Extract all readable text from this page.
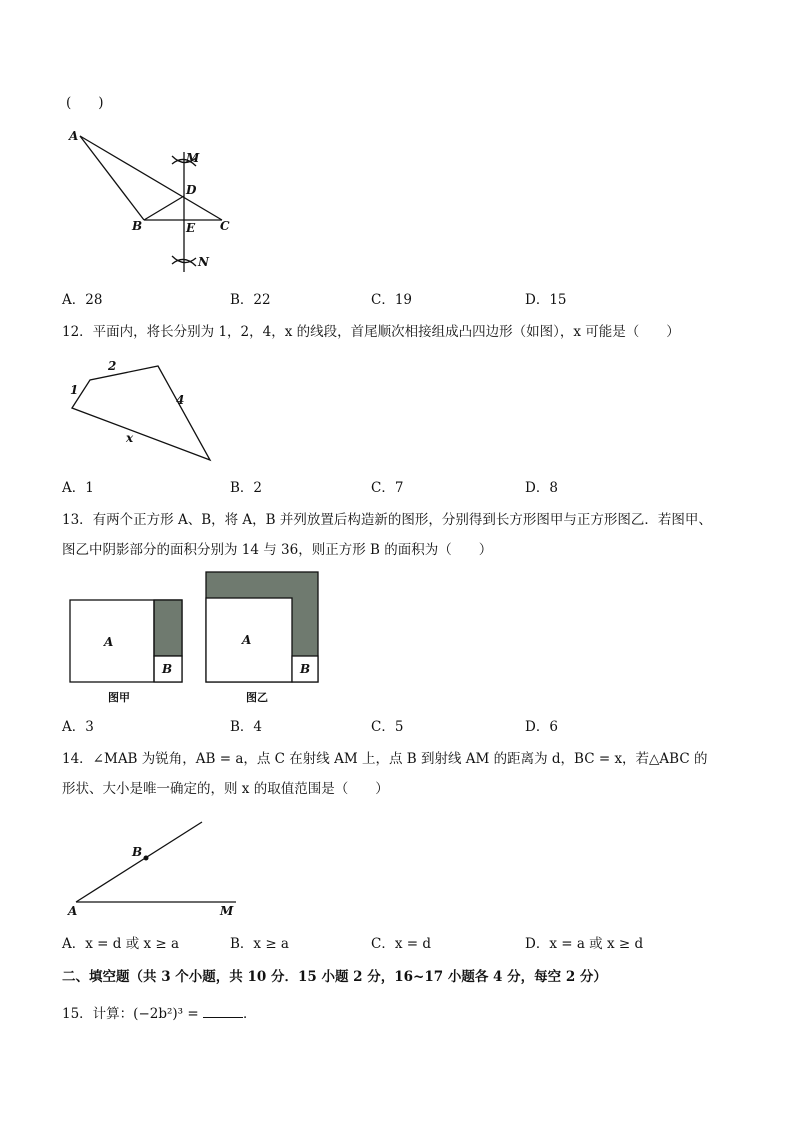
(　　)
A
M
D
B	E C
N
A．28	B．22	C．19	D．15
12．平面内，将长分别为 1，2，4，x 的线段，首尾顺次相接组成凸四边形（如图），x 可能是（　　）
1
2
4
x
A．1	B．2	C．7	D．8
13．有两个正方形 A、B，将 A，B 并列放置后构造新的图形，分别得到长方形图甲与正方形图乙．若图甲、
图乙中阴影部分的面积分别为 14 与 36，则正方形 B 的面积为（　　）
A
B
图甲
A
B
图乙
A．3	B．4	C．5	D．6
14．∠MAB 为锐角，AB = a，点 C 在射线 AM 上，点 B 到射线 AM 的距离为 d，BC = x，若△ABC 的
形状、大小是唯一确定的，则 x 的取值范围是（　　）
A
B
M
A．x = d 或 x ≥ a	B．x ≥ a	C．x = d	D．x = a 或 x ≥ d
二、填空题（共 3 个小题，共 10 分．15 小题 2 分，16~17 小题各 4 分，每空 2 分）
15．计算：(−2b²)³ =	．
